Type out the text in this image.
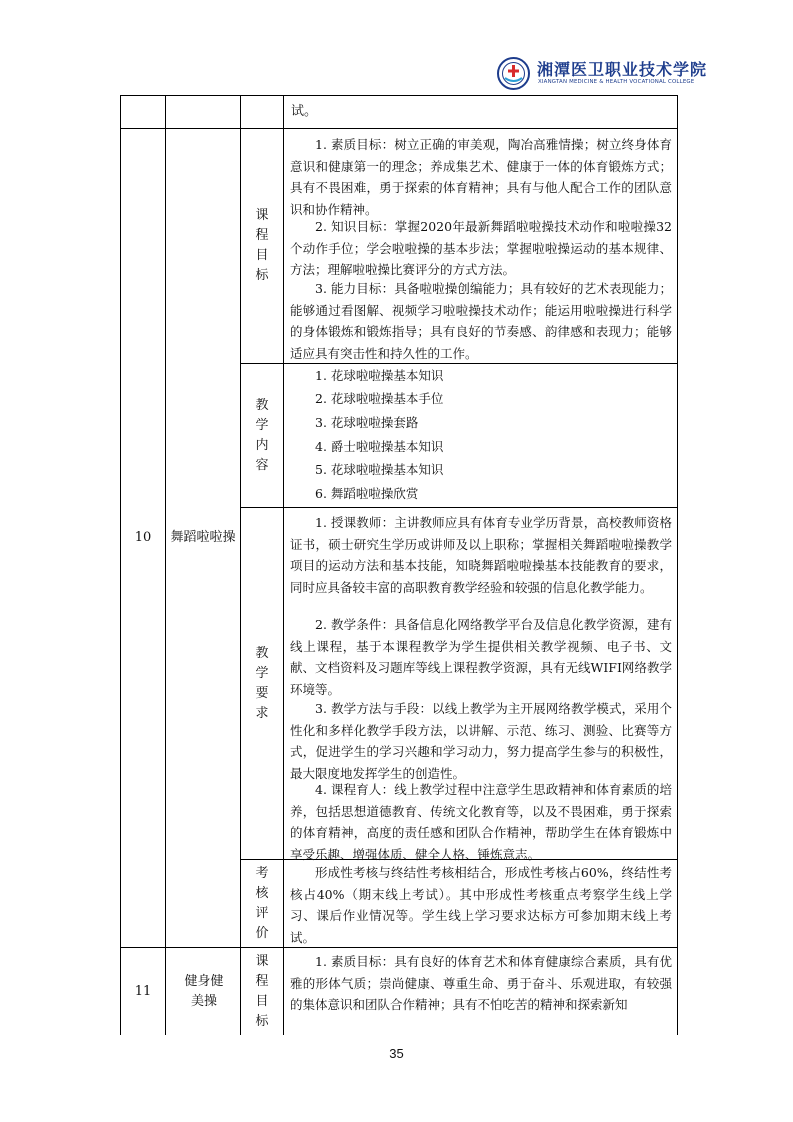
湘潭医卫职业技术学院
XIANGTAN MEDICINE & HEALTH VOCATIONAL COLLEGE
试。
10	舞蹈啦啦操
课程目标
教学内容
教学要求
考核评价

1. 素质目标：树立正确的审美观，陶冶高雅情操；树立终身体育意识和健康第一的理念；养成集艺术、健康于一体的体育锻炼方式；具有不畏困难，勇于探索的体育精神；具有与他人配合工作的团队意识和协作精神。

2. 知识目标：掌握2020年最新舞蹈啦啦操技术动作和啦啦操32个动作手位；学会啦啦操的基本步法；掌握啦啦操运动的基本规律、方法；理解啦啦操比赛评分的方式方法。

3. 能力目标：具备啦啦操创编能力；具有较好的艺术表现能力；能够通过看图解、视频学习啦啦操技术动作；能运用啦啦操进行科学的身体锻炼和锻炼指导；具有良好的节奏感、韵律感和表现力；能够适应具有突击性和持久性的工作。

1. 花球啦啦操基本知识
2. 花球啦啦操基本手位
3. 花球啦啦操套路
4. 爵士啦啦操基本知识
5. 花球啦啦操基本知识
6. 舞蹈啦啦操欣赏

1. 授课教师：主讲教师应具有体育专业学历背景，高校教师资格证书，硕士研究生学历或讲师及以上职称；掌握相关舞蹈啦啦操教学项目的运动方法和基本技能，知晓舞蹈啦啦操基本技能教育的要求，同时应具备较丰富的高职教育教学经验和较强的信息化教学能力。

2. 教学条件：具备信息化网络教学平台及信息化教学资源，建有线上课程，基于本课程教学为学生提供相关教学视频、电子书、文献、文档资料及习题库等线上课程教学资源，具有无线WIFI网络教学环境等。

3. 教学方法与手段：以线上教学为主开展网络教学模式，采用个性化和多样化教学手段方法，以讲解、示范、练习、测验、比赛等方式，促进学生的学习兴趣和学习动力，努力提高学生参与的积极性，最大限度地发挥学生的创造性。

4. 课程育人：线上教学过程中注意学生思政精神和体育素质的培养，包括思想道德教育、传统文化教育等，以及不畏困难，勇于探索的体育精神，高度的责任感和团队合作精神，帮助学生在体育锻炼中享受乐趣、增强体质、健全人格、锤炼意志。

形成性考核与终结性考核相结合，形成性考核占60%，终结性考核占40%（期末线上考试）。其中形成性考核重点考察学生线上学习、课后作业情况等。学生线上学习要求达标方可参加期末线上考试。

11
健身健美操
课程目标

1. 素质目标：具有良好的体育艺术和体育健康综合素质，具有优雅的形体气质；崇尚健康、尊重生命、勇于奋斗、乐观进取，有较强的集体意识和团队合作精神；具有不怕吃苦的精神和探索新知

35
